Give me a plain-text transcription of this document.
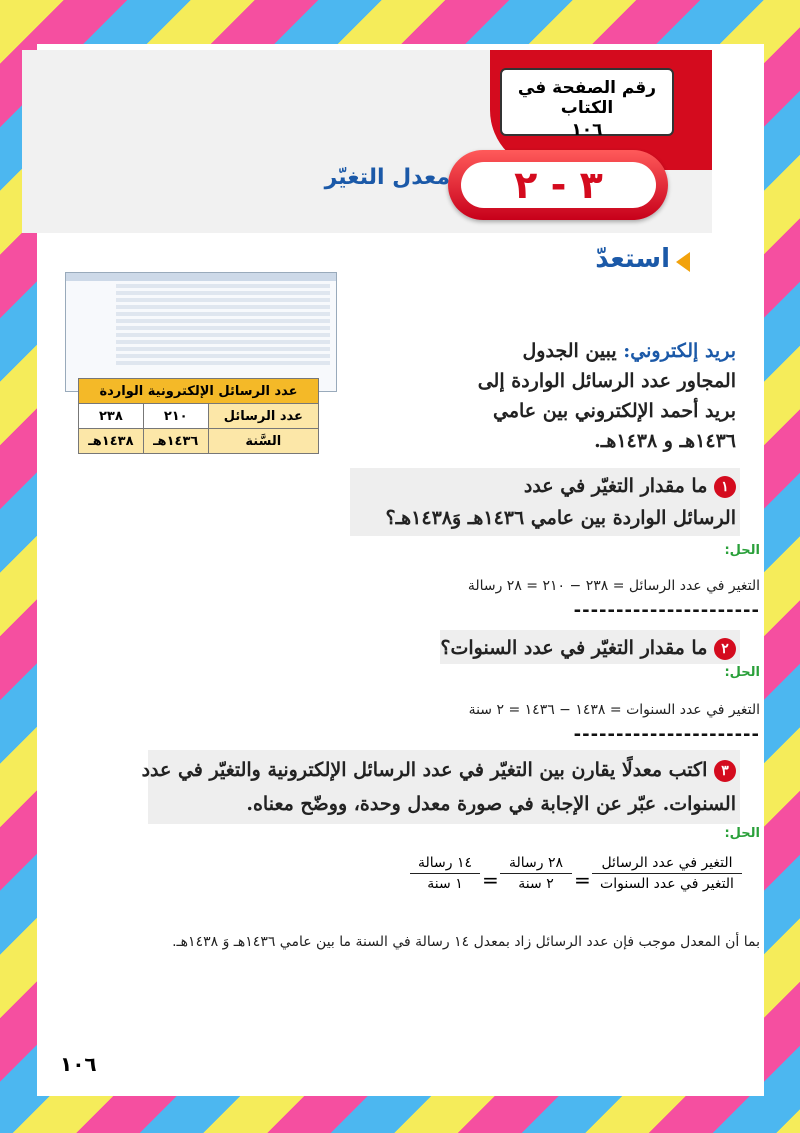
رقم الصفحة في الكتاب
١٠٦
٣ - ٢
معدل التغيّر
استعدّ
عدد الرسائل الإلكترونية الواردة		
عدد الرسائل	٢١٠	٢٣٨
السَّنة	١٤٣٦هـ	١٤٣٨هـ
بريد إلكتروني: يبين الجدول
المجاور عدد الرسائل الواردة إلى
بريد أحمد الإلكتروني بين عامي
١٤٣٦هـ و ١٤٣٨هـ.
١ ما مقدار التغيّر في عدد
الرسائل الواردة بين عامي ١٤٣٦هـ وَ١٤٣٨هـ؟
الحل:
التغير في عدد الرسائل = ٢٣٨ − ٢١٠ = ٢٨ رسالة
----------------------
٢ ما مقدار التغيّر في عدد السنوات؟
الحل:
التغير في عدد السنوات = ١٤٣٨ − ١٤٣٦ = ٢ سنة
----------------------
٣ اكتب معدلًا يقارن بين التغيّر في عدد الرسائل الإلكترونية والتغيّر في عدد
السنوات. عبّر عن الإجابة في صورة معدل وحدة، ووضّح معناه.
الحل:
التغير في عدد الرسائل
التغير في عدد السنوات
=
٢٨ رسالة
٢ سنة
=
١٤ رسالة
١ سنة
بما أن المعدل موجب فإن عدد الرسائل زاد بمعدل ١٤ رسالة في السنة ما بين عامي ١٤٣٦هـ وَ ١٤٣٨هـ.
١٠٦
